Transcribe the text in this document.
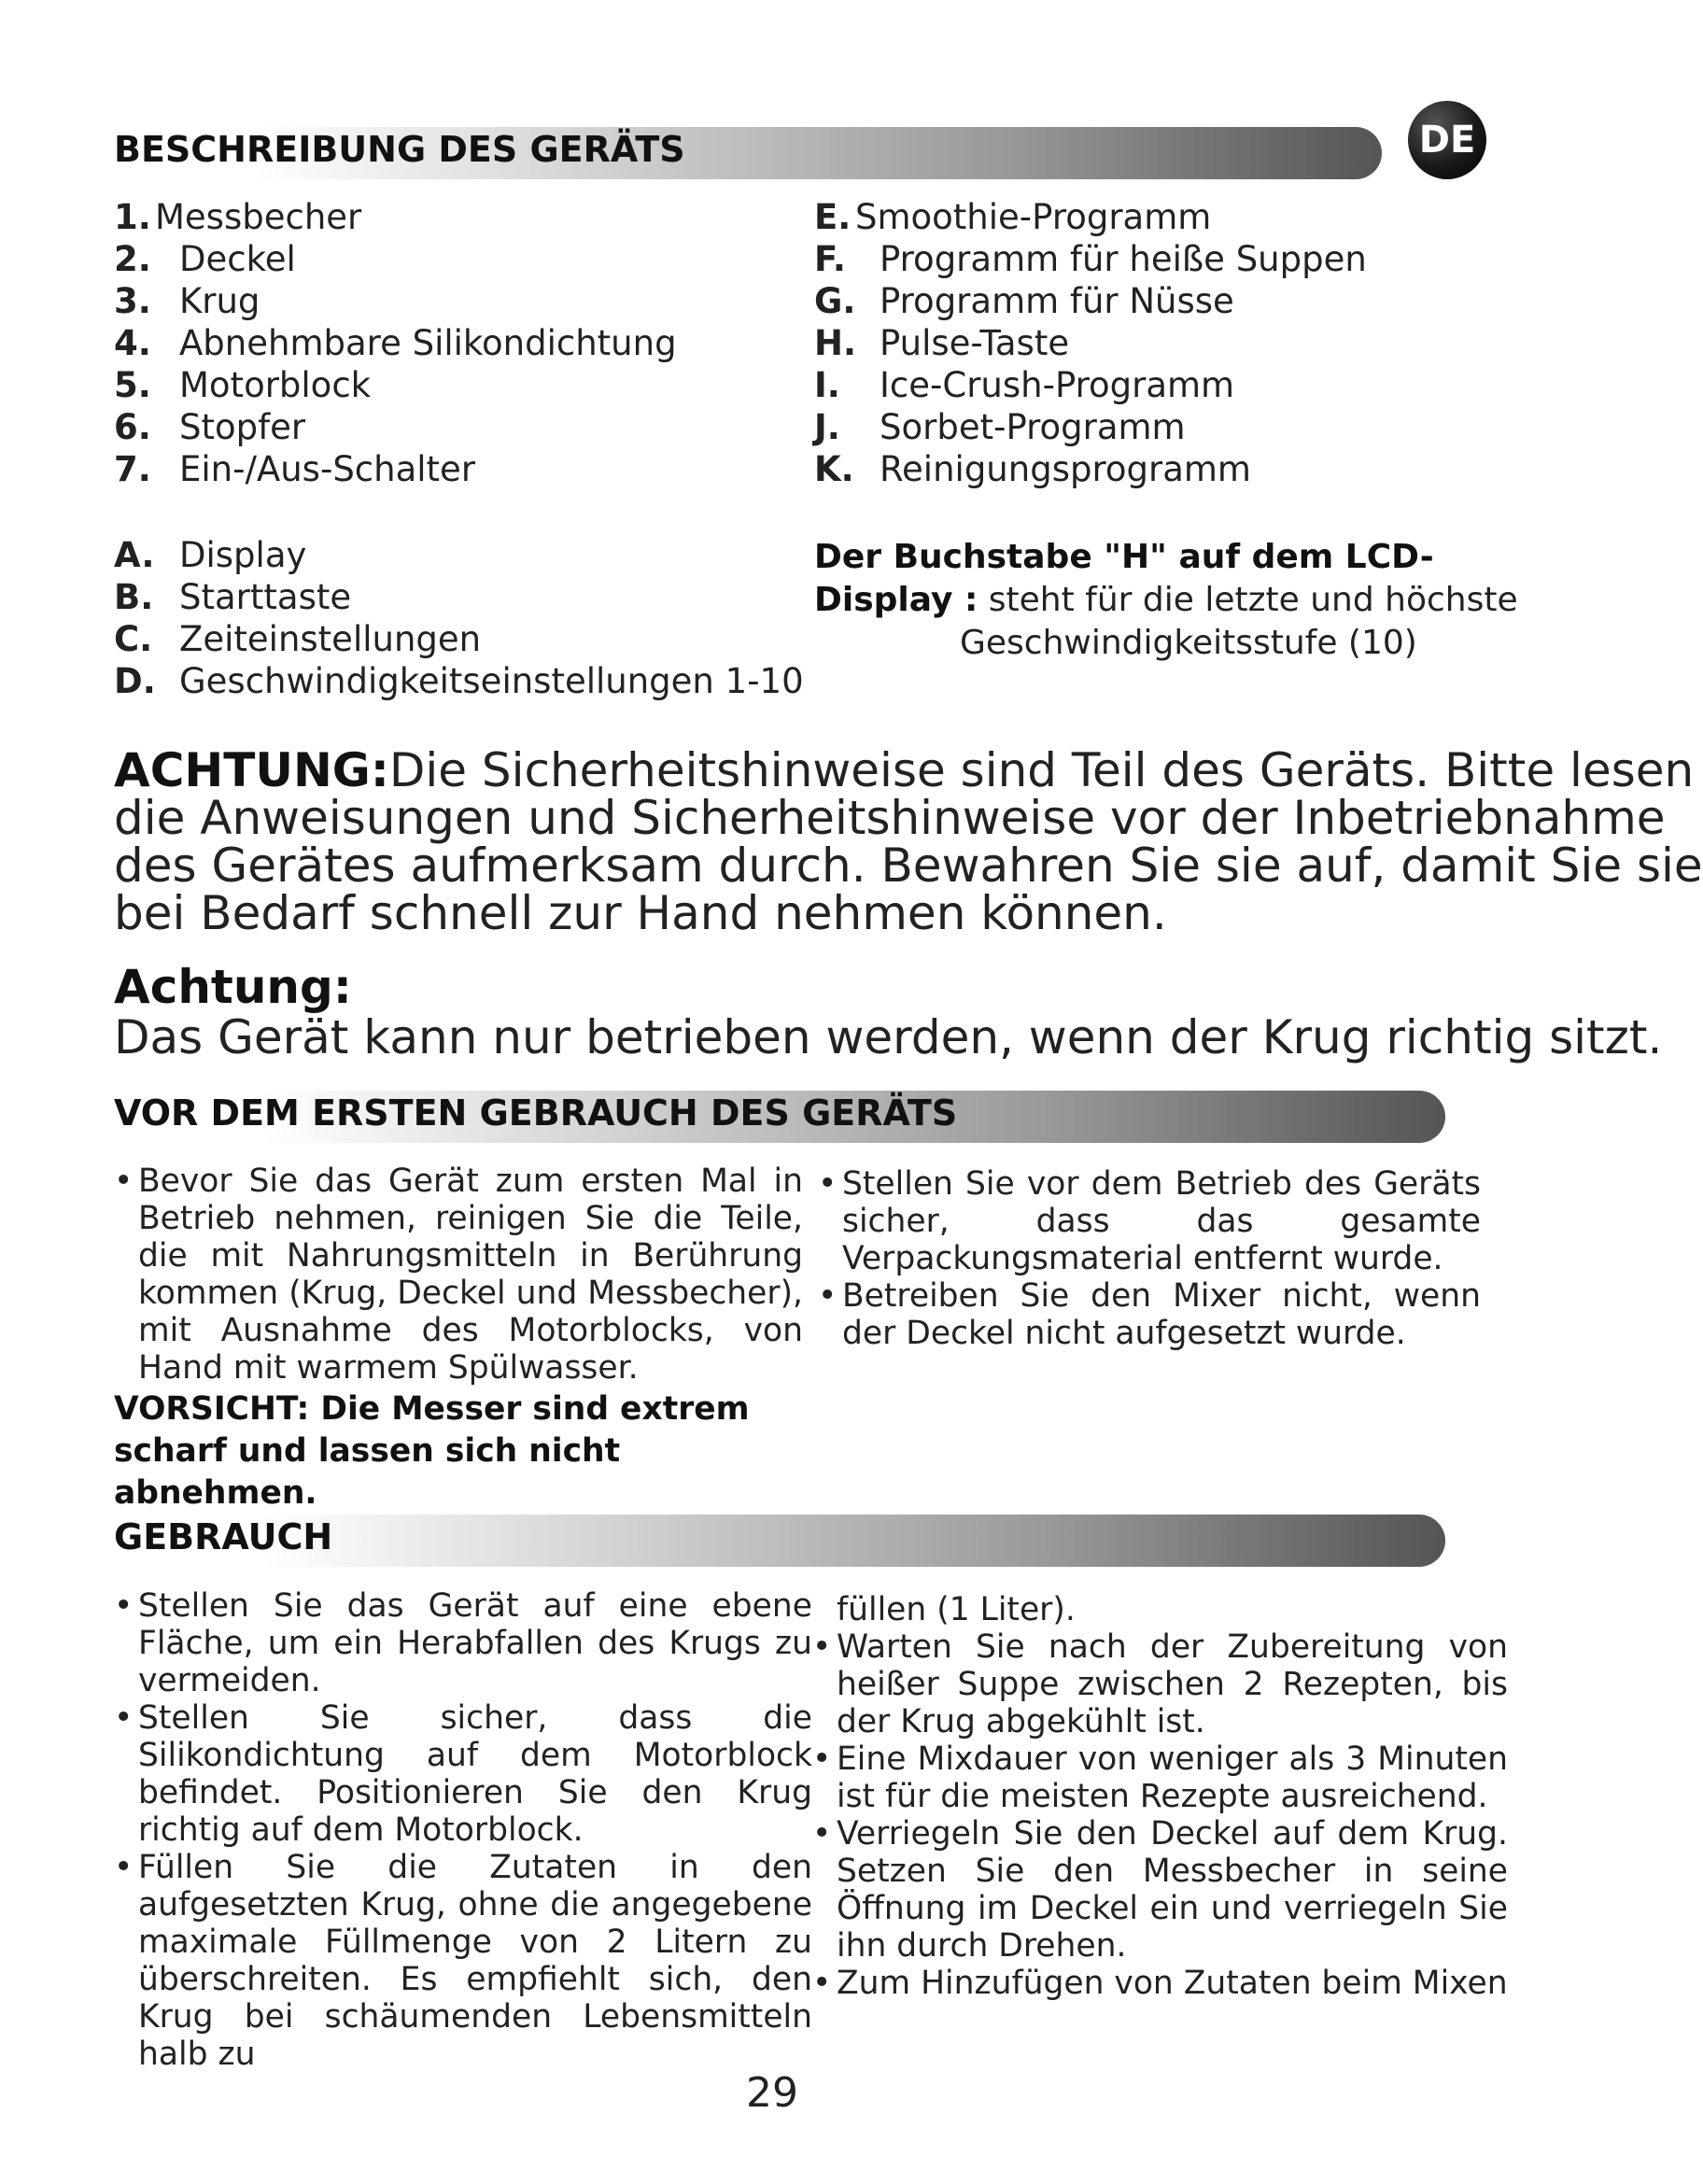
DE
BESCHREIBUNG DES GERÄTS
1. Messbecher
2. Deckel
3. Krug
4. Abnehmbare Silikondichtung
5. Motorblock
6. Stopfer
7. Ein-/Aus-Schalter
E. Smoothie-Programm
F. Programm für heiße Suppen
G. Programm für Nüsse
H. Pulse-Taste
I. Ice-Crush-Programm
J. Sorbet-Programm
K. Reinigungsprogramm
A. Display
B. Starttaste
C. Zeiteinstellungen
D. Geschwindigkeitseinstellungen 1-10
Der Buchstabe "H" auf dem LCD-
Display : steht für die letzte und höchste
Geschwindigkeitsstufe (10)
ACHTUNG:Die Sicherheitshinweise sind Teil des Geräts. Bitte lesen
die Anweisungen und Sicherheitshinweise vor der Inbetriebnahme
des Gerätes aufmerksam durch. Bewahren Sie sie auf, damit Sie sie
bei Bedarf schnell zur Hand nehmen können.
Achtung:
Das Gerät kann nur betrieben werden, wenn der Krug richtig sitzt.
VOR DEM ERSTEN GEBRAUCH DES GERÄTS
• Bevor Sie das Gerät zum ersten Mal in Betrieb nehmen, reinigen Sie die Teile, die mit Nahrungsmitteln in Berührung kommen (Krug, Deckel und Messbecher), mit Ausnahme des Motorblocks, von Hand mit warmem Spülwasser.
VORSICHT: Die Messer sind extrem scharf und lassen sich nicht abnehmen.
• Stellen Sie vor dem Betrieb des Geräts sicher, dass das gesamte Verpackungsmaterial entfernt wurde.
• Betreiben Sie den Mixer nicht, wenn der Deckel nicht aufgesetzt wurde.
GEBRAUCH
• Stellen Sie das Gerät auf eine ebene Fläche, um ein Herabfallen des Krugs zu vermeiden.
• Stellen Sie sicher, dass die Silikondichtung auf dem Motorblock befindet. Positionieren Sie den Krug richtig auf dem Motorblock.
• Füllen Sie die Zutaten in den aufgesetzten Krug, ohne die angegebene maximale Füllmenge von 2 Litern zu überschreiten. Es empfiehlt sich, den Krug bei schäumenden Lebensmitteln halb zu
füllen (1 Liter).
• Warten Sie nach der Zubereitung von heißer Suppe zwischen 2 Rezepten, bis der Krug abgekühlt ist.
• Eine Mixdauer von weniger als 3 Minuten ist für die meisten Rezepte ausreichend.
• Verriegeln Sie den Deckel auf dem Krug. Setzen Sie den Messbecher in seine Öffnung im Deckel ein und verriegeln Sie ihn durch Drehen.
• Zum Hinzufügen von Zutaten beim Mixen
29
